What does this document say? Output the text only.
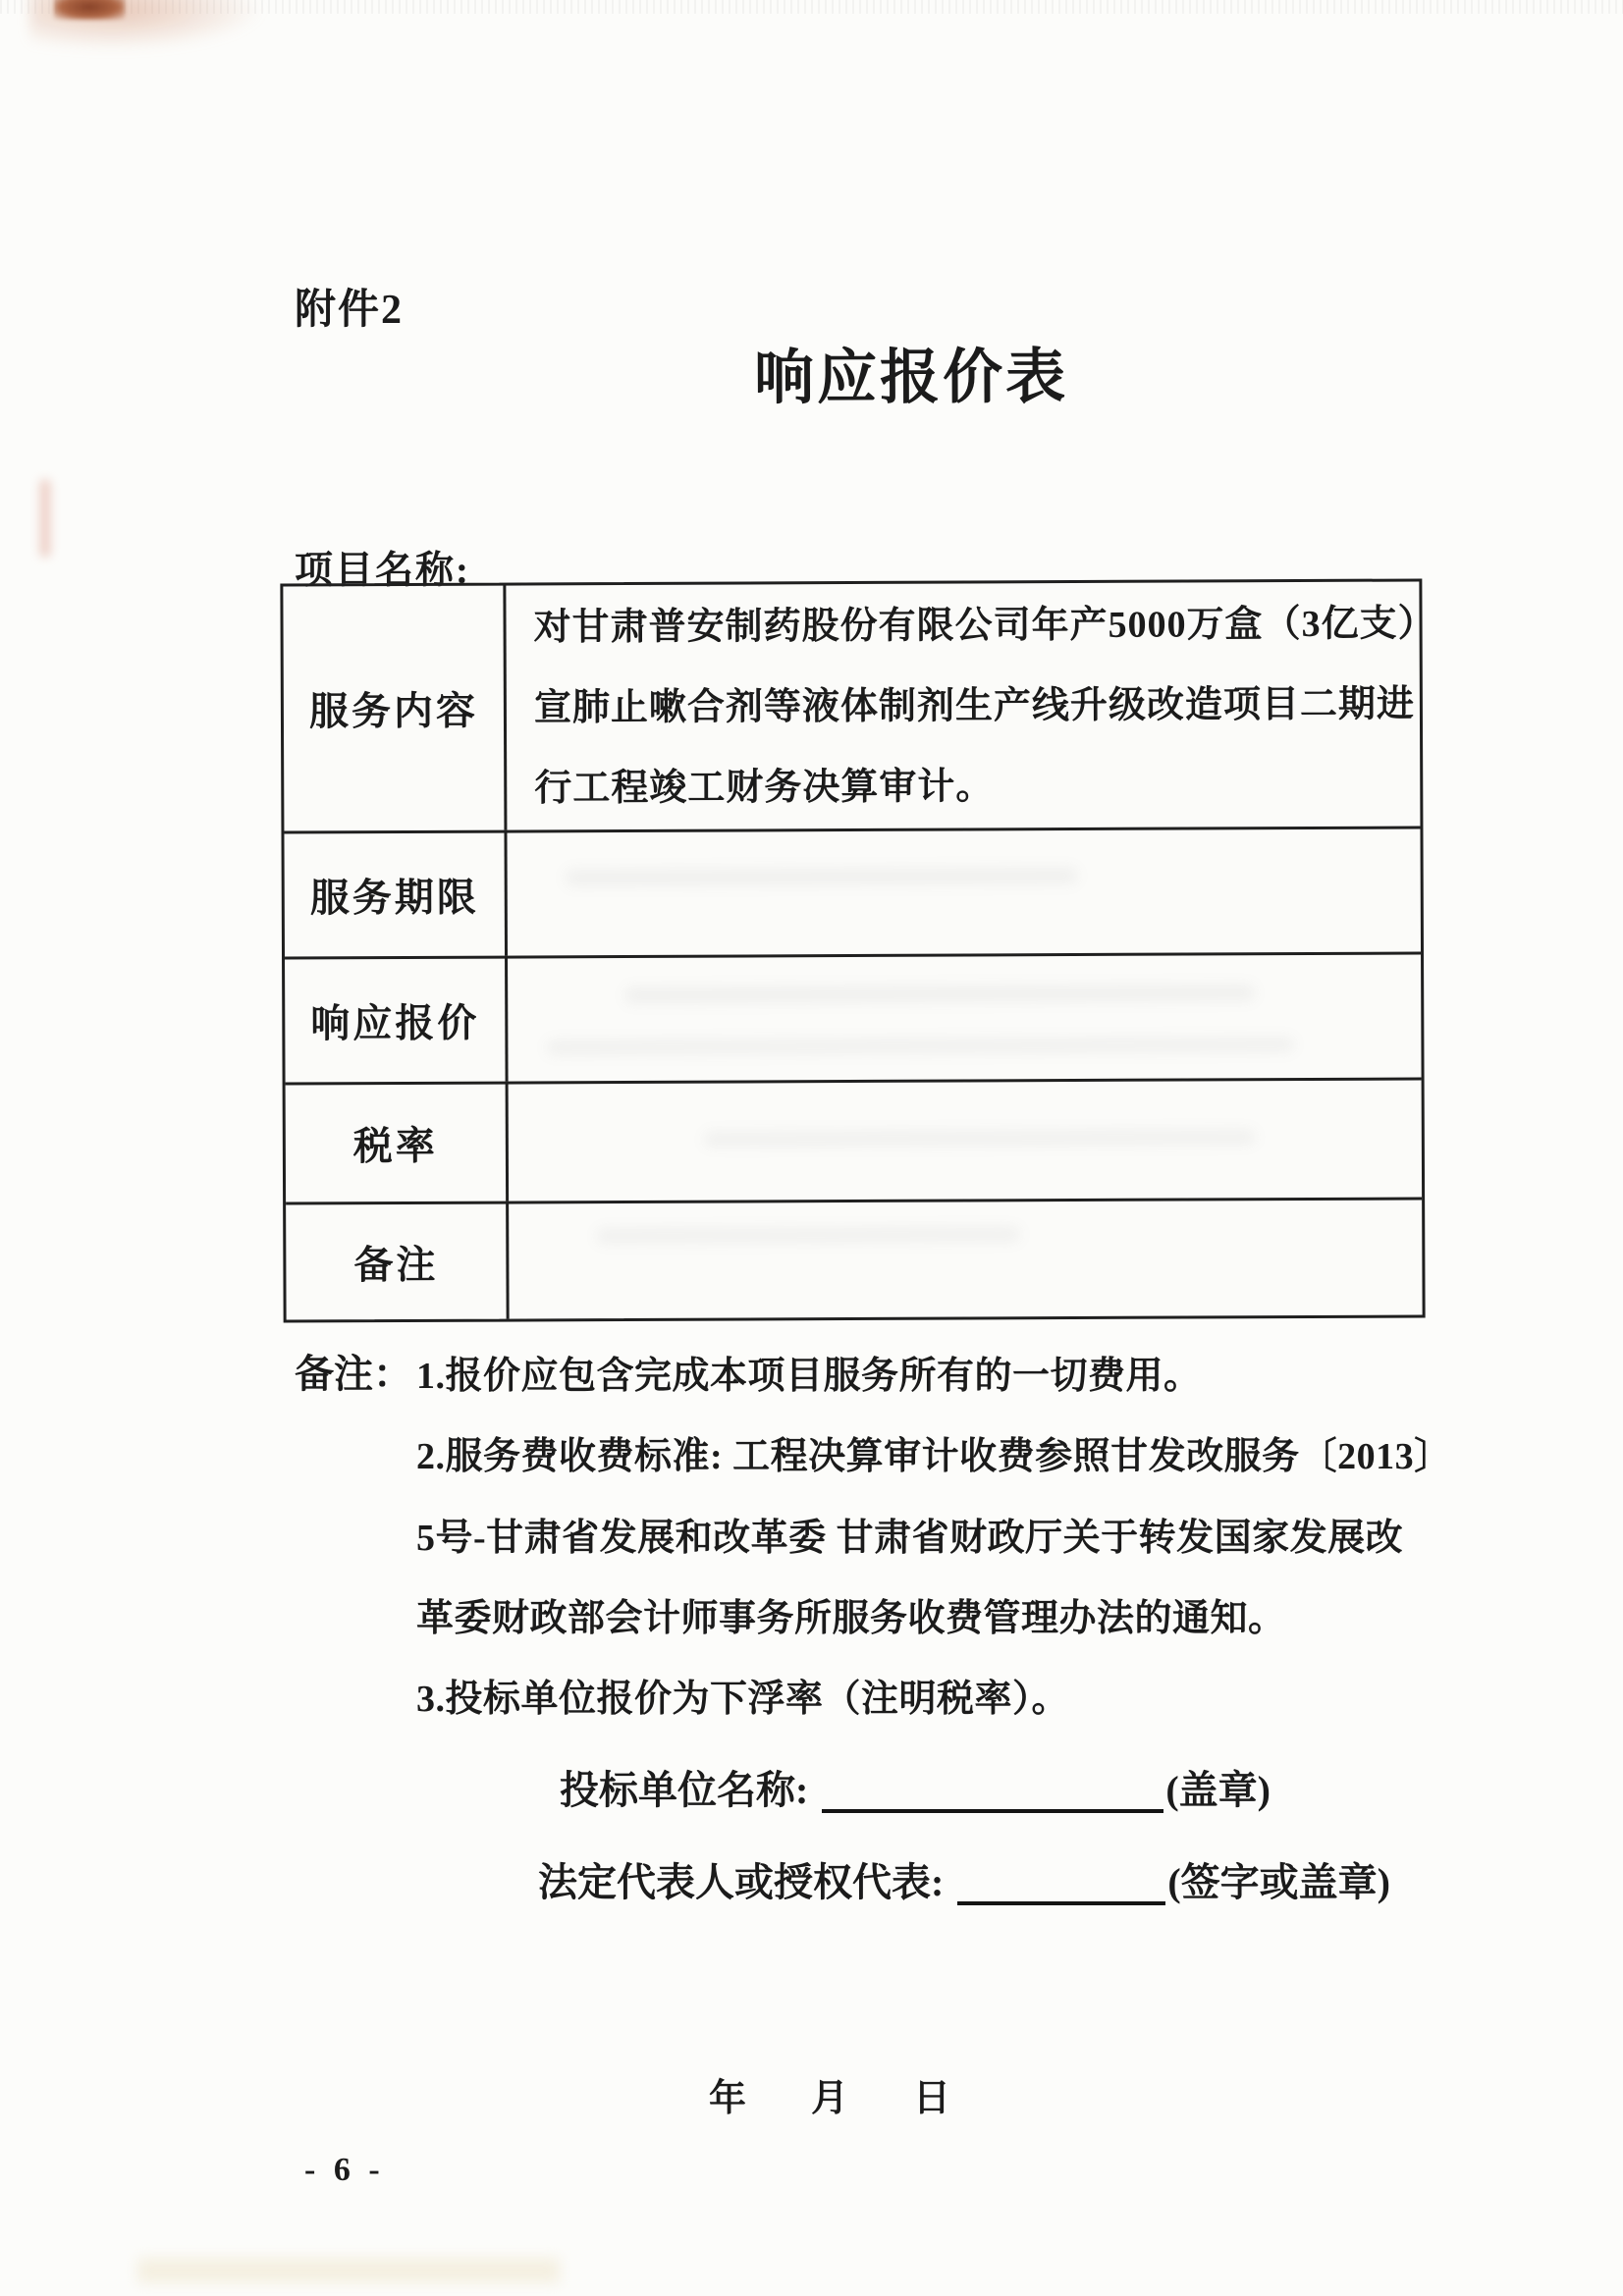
附件2
响应报价表
项目名称:
服务内容
对甘肃普安制药股份有限公司年产5000万盒（3亿支）
宣肺止嗽合剂等液体制剂生产线升级改造项目二期进
行工程竣工财务决算审计。
服务期限
响应报价
税率
备注
备注： 1.报价应包含完成本项目服务所有的一切费用。
2.服务费收费标准: 工程决算审计收费参照甘发改服务〔2013〕
5号-甘肃省发展和改革委 甘肃省财政厅关于转发国家发展改
革委财政部会计师事务所服务收费管理办法的通知。
3.投标单位报价为下浮率（注明税率）。
投标单位名称:	(盖章)
法定代表人或授权代表:	(签字或盖章)
年 月 日
- 6 -
